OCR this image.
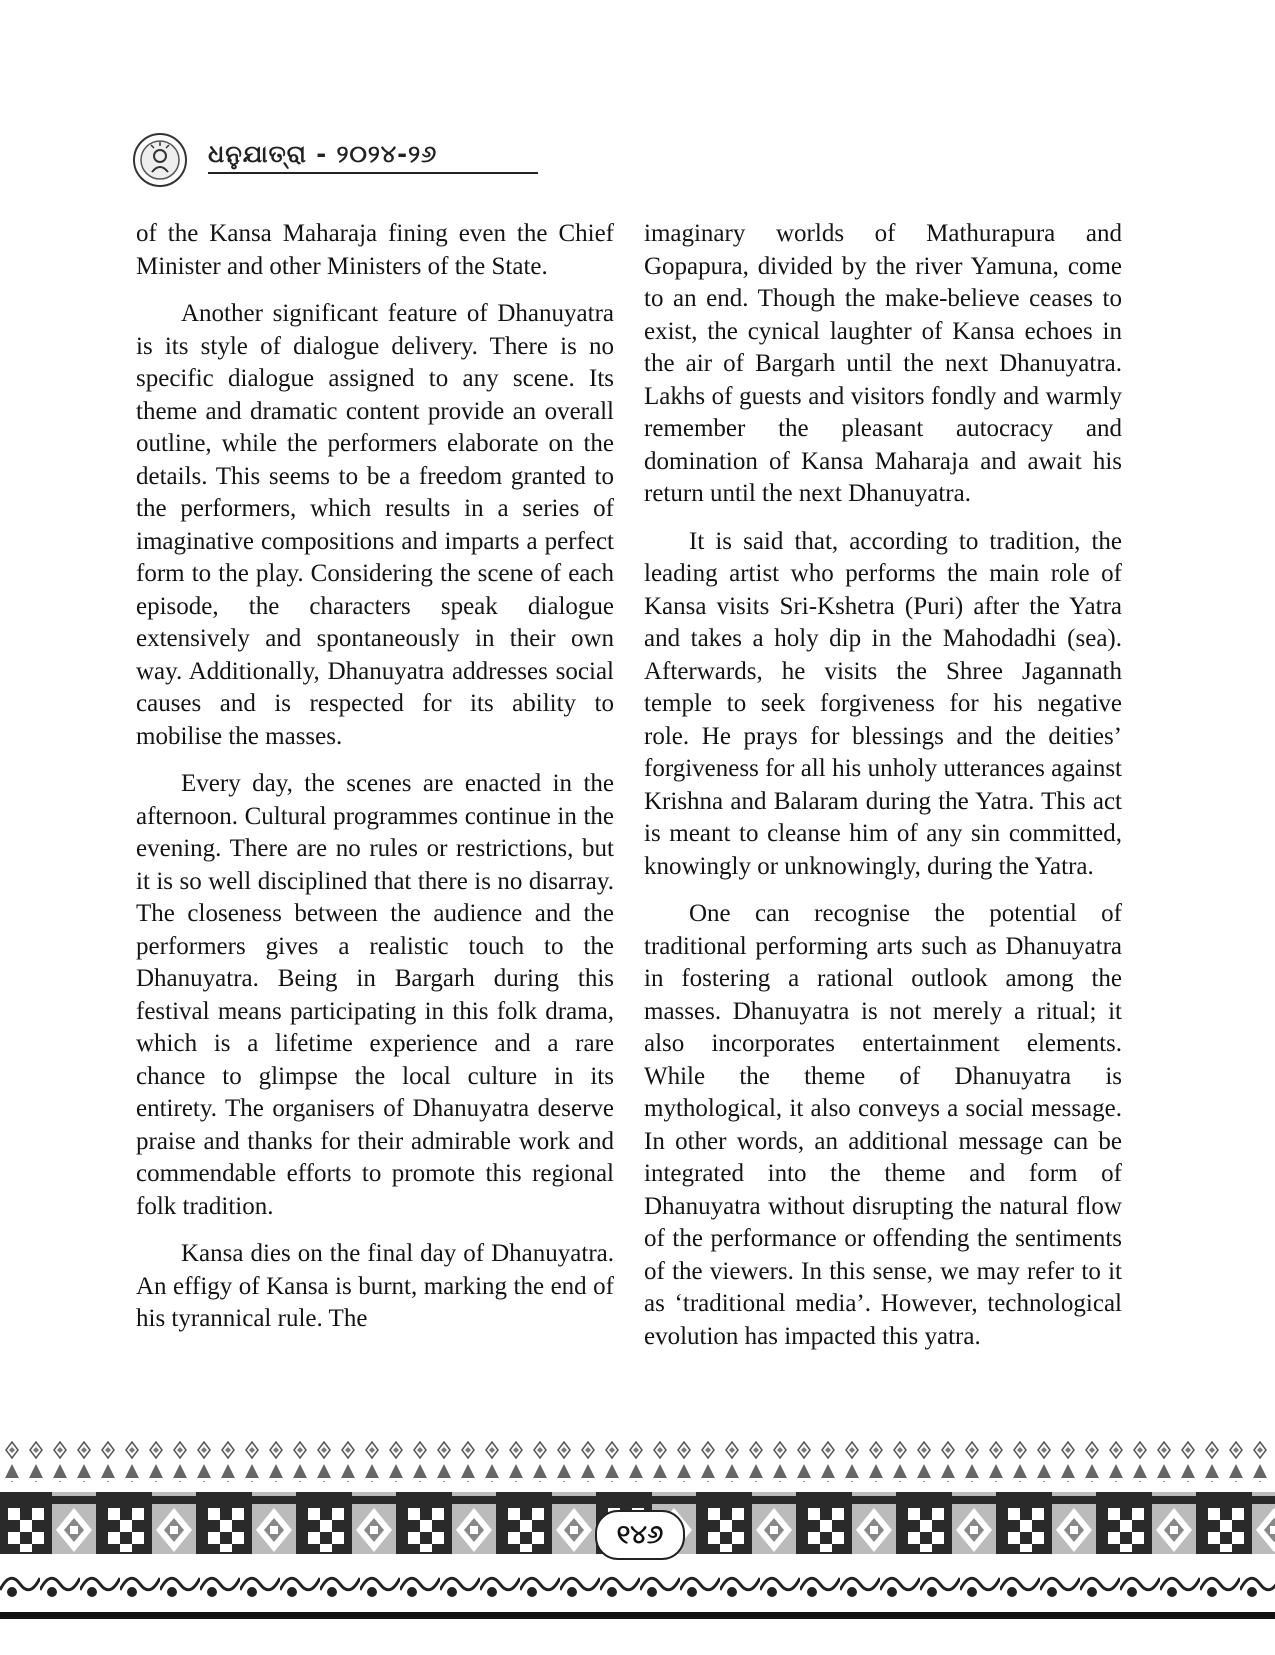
ଧନୁଯାତ୍ରା - ୨୦୨୪-୨୬

of the Kansa Maharaja fining even the Chief Minister and other Ministers of the State.

Another significant feature of Dhanuyatra is its style of dialogue delivery. There is no specific dialogue assigned to any scene. Its theme and dramatic content provide an overall outline, while the performers elaborate on the details. This seems to be a freedom granted to the performers, which results in a series of imaginative compositions and imparts a perfect form to the play. Considering the scene of each episode, the characters speak dialogue extensively and spontaneously in their own way. Additionally, Dhanuyatra addresses social causes and is respected for its ability to mobilise the masses.

Every day, the scenes are enacted in the afternoon. Cultural programmes continue in the evening. There are no rules or restrictions, but it is so well disciplined that there is no disarray. The closeness between the audience and the performers gives a realistic touch to the Dhanuyatra. Being in Bargarh during this festival means participating in this folk drama, which is a lifetime experience and a rare chance to glimpse the local culture in its entirety. The organisers of Dhanuyatra deserve praise and thanks for their admirable work and commendable efforts to promote this regional folk tradition.

Kansa dies on the final day of Dhanuyatra. An effigy of Kansa is burnt, marking the end of his tyrannical rule. The

imaginary worlds of Mathurapura and Gopapura, divided by the river Yamuna, come to an end. Though the make-believe ceases to exist, the cynical laughter of Kansa echoes in the air of Bargarh until the next Dhanuyatra. Lakhs of guests and visitors fondly and warmly remember the pleasant autocracy and domination of Kansa Maharaja and await his return until the next Dhanuyatra.

It is said that, according to tradition, the leading artist who performs the main role of Kansa visits Sri-Kshetra (Puri) after the Yatra and takes a holy dip in the Mahodadhi (sea). Afterwards, he visits the Shree Jagannath temple to seek forgiveness for his negative role. He prays for blessings and the deities’ forgiveness for all his unholy utterances against Krishna and Balaram during the Yatra. This act is meant to cleanse him of any sin committed, knowingly or unknowingly, during the Yatra.

One can recognise the potential of traditional performing arts such as Dhanuyatra in fostering a rational outlook among the masses. Dhanuyatra is not merely a ritual; it also incorporates entertainment elements. While the theme of Dhanuyatra is mythological, it also conveys a social message. In other words, an additional message can be integrated into the theme and form of Dhanuyatra without disrupting the natural flow of the performance or offending the sentiments of the viewers. In this sense, we may refer to it as ‘traditional media’. However, technological evolution has impacted this yatra.

୧୪୬
